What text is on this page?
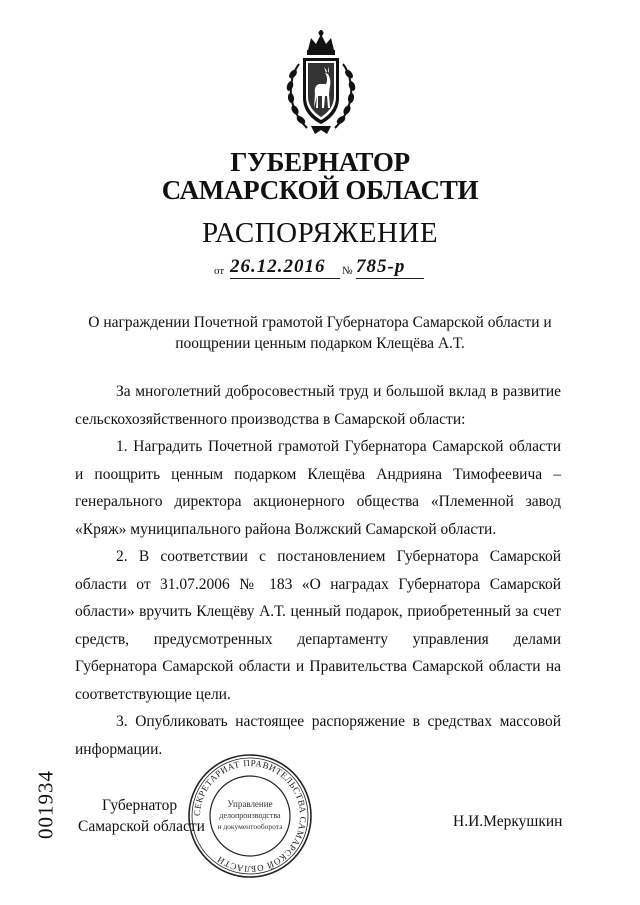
ГУБЕРНАТОР
САМАРСКОЙ ОБЛАСТИ
РАСПОРЯЖЕНИЕ
от 26.12.2016	№ 785-р
О награждении Почетной грамотой Губернатора Самарской области и
поощрении ценным подарком Клещёва А.Т.

За многолетний добросовестный труд и большой вклад в развитие сельскохозяйственного производства в Самарской области:

1. Наградить Почетной грамотой Губернатора Самарской области и поощрить ценным подарком Клещёва Андрияна Тимофеевича – генерального директора акционерного общества «Племенной завод «Кряж» муниципального района Волжский Самарской области.

2. В соответствии с постановлением Губернатора Самарской области от 31.07.2006 № 183 «О наградах Губернатора Самарской области» вручить Клещёву А.Т. ценный подарок, приобретенный за счет средств, предусмотренных департаменту управления делами Губернатора Самарской области и Правительства Самарской области на соответствующие цели.

3. Опубликовать настоящее распоряжение в средствах массовой информации.

Губернатор
Самарской области	Н.И.Меркушкин
СЕКРЕТАРИАТ ПРАВИТЕЛЬСТВА САМАРСКОЙ ОБЛАСТИ
Управление
делопроизводства
и документооборота
001934
